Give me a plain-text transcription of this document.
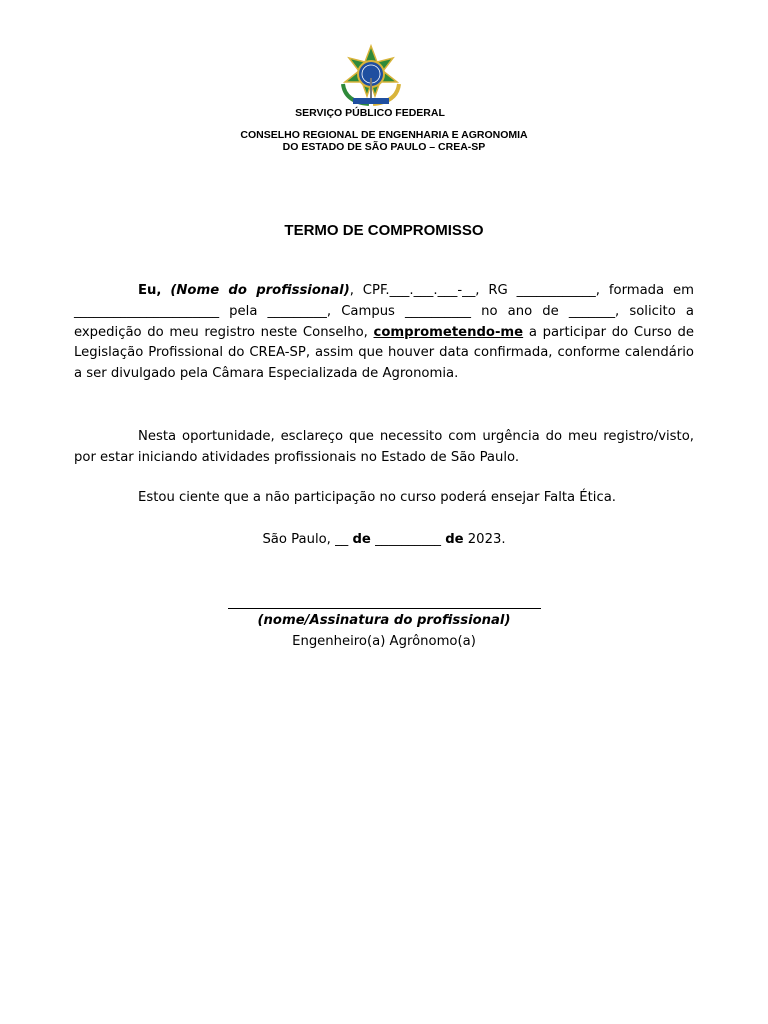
SERVIÇO PÚBLICO FEDERAL
CONSELHO REGIONAL DE ENGENHARIA E AGRONOMIA
DO ESTADO DE SÃO PAULO – CREA-SP
TERMO DE COMPROMISSO
Eu, (Nome do profissional), CPF.___.___.___-__, RG ____________, formada em ______________________ pela _________, Campus __________ no ano de _______, solicito a expedição do meu registro neste Conselho, comprometendo-me a participar do Curso de Legislação Profissional do CREA-SP, assim que houver data confirmada, conforme calendário a ser divulgado pela Câmara Especializada de Agronomia.
Nesta oportunidade, esclareço que necessito com urgência do meu registro/visto, por estar iniciando atividades profissionais no Estado de São Paulo.
Estou ciente que a não participação no curso poderá ensejar Falta Ética.
São Paulo, __ de __________ de 2023.
(nome/Assinatura do profissional)
Engenheiro(a) Agrônomo(a)
